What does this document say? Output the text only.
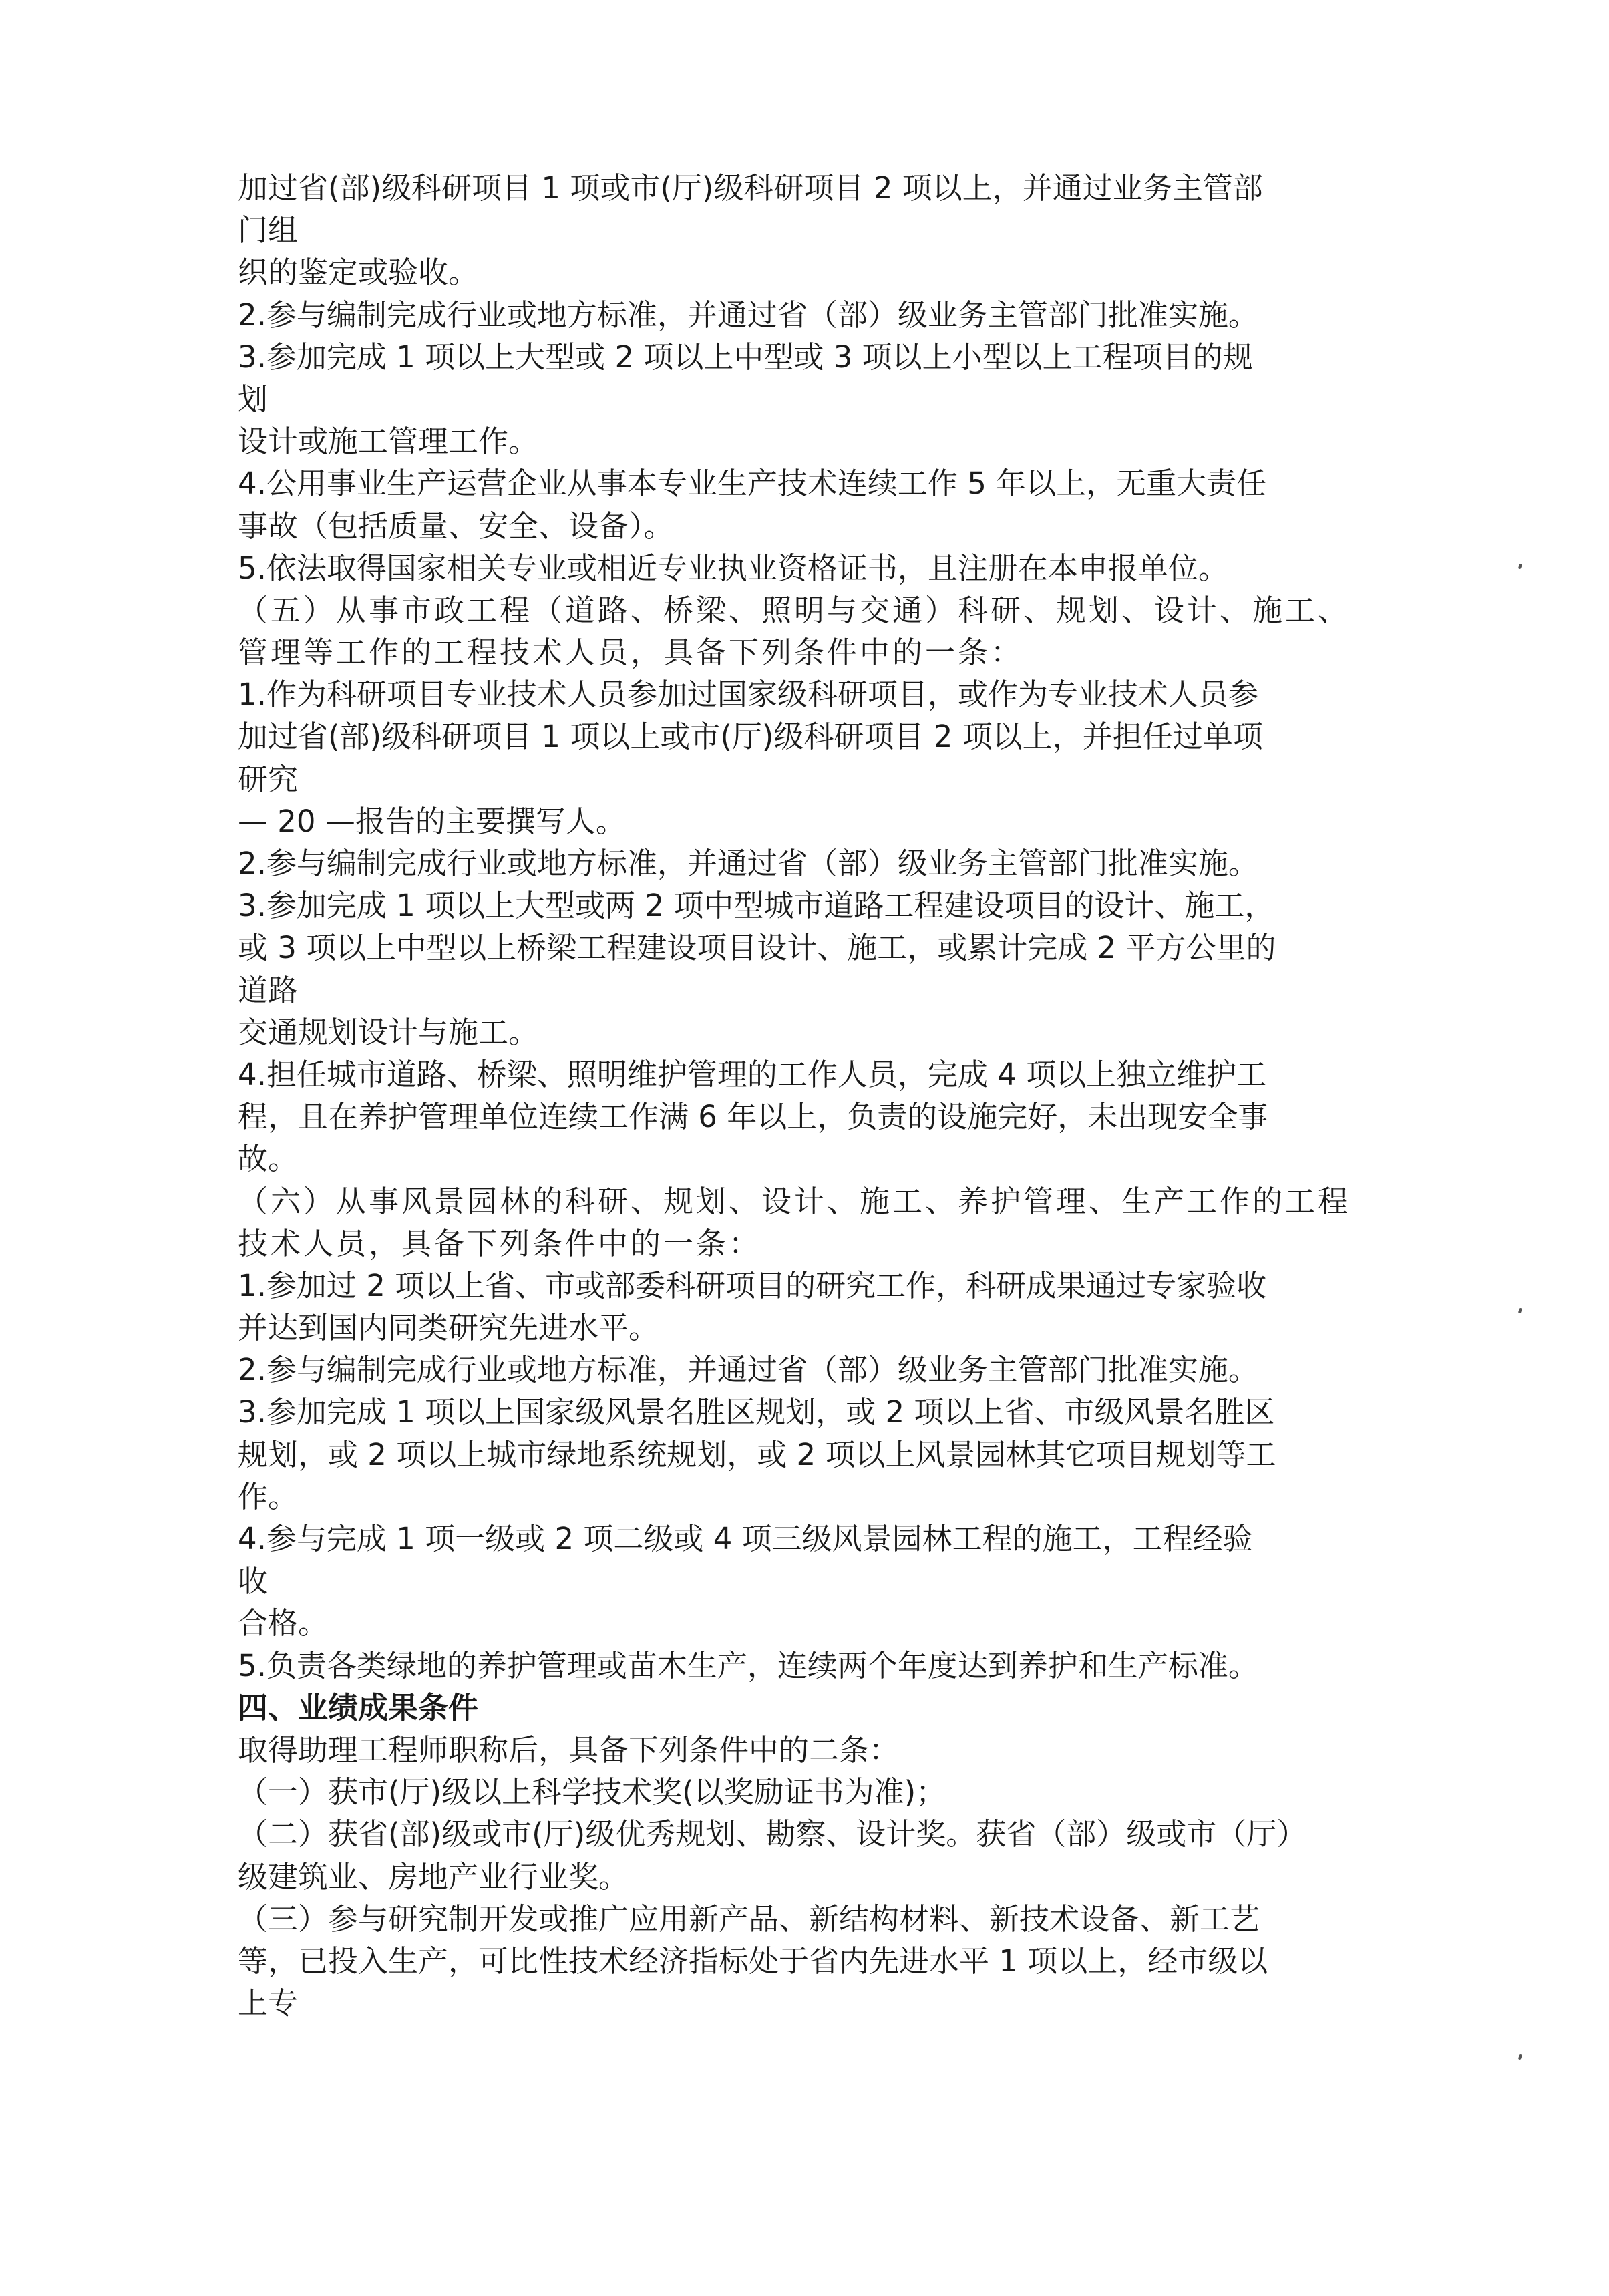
加过省(部)级科研项目 1 项或市(厅)级科研项目 2 项以上，并通过业务主管部
门组
织的鉴定或验收。
2.参与编制完成行业或地方标准，并通过省（部）级业务主管部门批准实施。
3.参加完成 1 项以上大型或 2 项以上中型或 3 项以上小型以上工程项目的规
划
设计或施工管理工作。
4.公用事业生产运营企业从事本专业生产技术连续工作 5 年以上，无重大责任
事故（包括质量、安全、设备）。
5.依法取得国家相关专业或相近专业执业资格证书，且注册在本申报单位。
（五）从事市政工程（道路、桥梁、照明与交通）科研、规划、设计、施工、
管理等工作的工程技术人员，具备下列条件中的一条：
1.作为科研项目专业技术人员参加过国家级科研项目，或作为专业技术人员参
加过省(部)级科研项目 1 项以上或市(厅)级科研项目 2 项以上，并担任过单项
研究
— 20 —报告的主要撰写人。
2.参与编制完成行业或地方标准，并通过省（部）级业务主管部门批准实施。
3.参加完成 1 项以上大型或两 2 项中型城市道路工程建设项目的设计、施工，
或 3 项以上中型以上桥梁工程建设项目设计、施工，或累计完成 2 平方公里的
道路
交通规划设计与施工。
4.担任城市道路、桥梁、照明维护管理的工作人员，完成 4 项以上独立维护工
程，且在养护管理单位连续工作满 6 年以上，负责的设施完好，未出现安全事
故。
（六）从事风景园林的科研、规划、设计、施工、养护管理、生产工作的工程
技术人员，具备下列条件中的一条：
1.参加过 2 项以上省、市或部委科研项目的研究工作，科研成果通过专家验收
并达到国内同类研究先进水平。
2.参与编制完成行业或地方标准，并通过省（部）级业务主管部门批准实施。
3.参加完成 1 项以上国家级风景名胜区规划，或 2 项以上省、市级风景名胜区
规划，或 2 项以上城市绿地系统规划，或 2 项以上风景园林其它项目规划等工
作。
4.参与完成 1 项一级或 2 项二级或 4 项三级风景园林工程的施工，工程经验
收
合格。
5.负责各类绿地的养护管理或苗木生产，连续两个年度达到养护和生产标准。
四、业绩成果条件
取得助理工程师职称后，具备下列条件中的二条：
（一）获市(厅)级以上科学技术奖(以奖励证书为准)；
（二）获省(部)级或市(厅)级优秀规划、勘察、设计奖。获省（部）级或市（厅）
级建筑业、房地产业行业奖。
（三）参与研究制开发或推广应用新产品、新结构材料、新技术设备、新工艺
等，已投入生产，可比性技术经济指标处于省内先进水平 1 项以上，经市级以
上专
